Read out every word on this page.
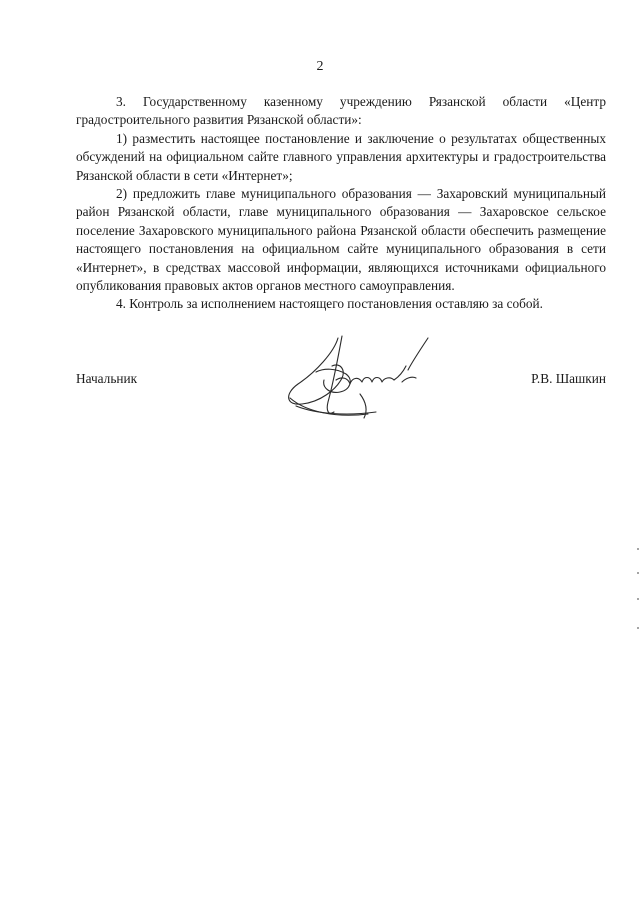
2

3. Государственному казенному учреждению Рязанской области «Центр градостроительного развития Рязанской области»:

1) разместить настоящее постановление и заключение о результатах общественных обсуждений на официальном сайте главного управления архитектуры и градостроительства Рязанской области в сети «Интернет»;

2) предложить главе муниципального образования — Захаровский муниципальный район Рязанской области, главе муниципального образования — Захаровское сельское поселение Захаровского муниципального района Рязанской области обеспечить размещение настоящего постановления на официальном сайте муниципального образования в сети «Интернет», в средствах массовой информации, являющихся источниками официального опубликования правовых актов органов местного самоуправления.

4. Контроль за исполнением настоящего постановления оставляю за собой.

Начальник	Р.В. Шашкин
